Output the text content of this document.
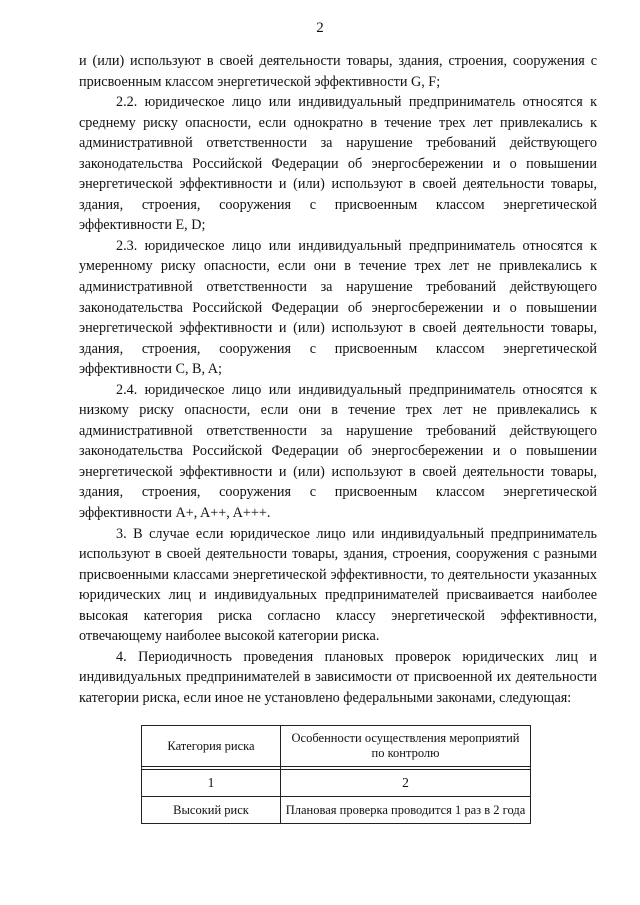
2

и (или) используют в своей деятельности товары, здания, строения, сооружения с присвоенным классом энергетической эффективности G, F;

2.2. юридическое лицо или индивидуальный предприниматель относятся к среднему риску опасности, если однократно в течение трех лет привлекались к административной ответственности за нарушение требований действующего законодательства Российской Федерации об энергосбережении и о повышении энергетической эффективности и (или) используют в своей деятельности товары, здания, строения, сооружения с присвоенным классом энергетической эффективности E, D;

2.3. юридическое лицо или индивидуальный предприниматель относятся к умеренному риску опасности, если они в течение трех лет не привлекались к административной ответственности за нарушение требований действующего законодательства Российской Федерации об энергосбережении и о повышении энергетической эффективности и (или) используют в своей деятельности товары, здания, строения, сооружения с присвоенным классом энергетической эффективности C, B, A;

2.4. юридическое лицо или индивидуальный предприниматель относятся к низкому риску опасности, если они в течение трех лет не привлекались к административной ответственности за нарушение требований действующего законодательства Российской Федерации об энергосбережении и о повышении энергетической эффективности и (или) используют в своей деятельности товары, здания, строения, сооружения с присвоенным классом энергетической эффективности A+, A++, A+++.

3. В случае если юридическое лицо или индивидуальный предприниматель используют в своей деятельности товары, здания, строения, сооружения с разными присвоенными классами энергетической эффективности, то деятельности указанных юридических лиц и индивидуальных предпринимателей присваивается наиболее высокая категория риска согласно классу энергетической эффективности, отвечающему наиболее высокой категории риска.

4. Периодичность проведения плановых проверок юридических лиц и индивидуальных предпринимателей в зависимости от присвоенной их деятельности категории риска, если иное не установлено федеральными законами, следующая:

Категория риска	Особенности осуществления мероприятий по контролю

1	2
Высокий риск	Плановая проверка проводится 1 раз в 2 года
